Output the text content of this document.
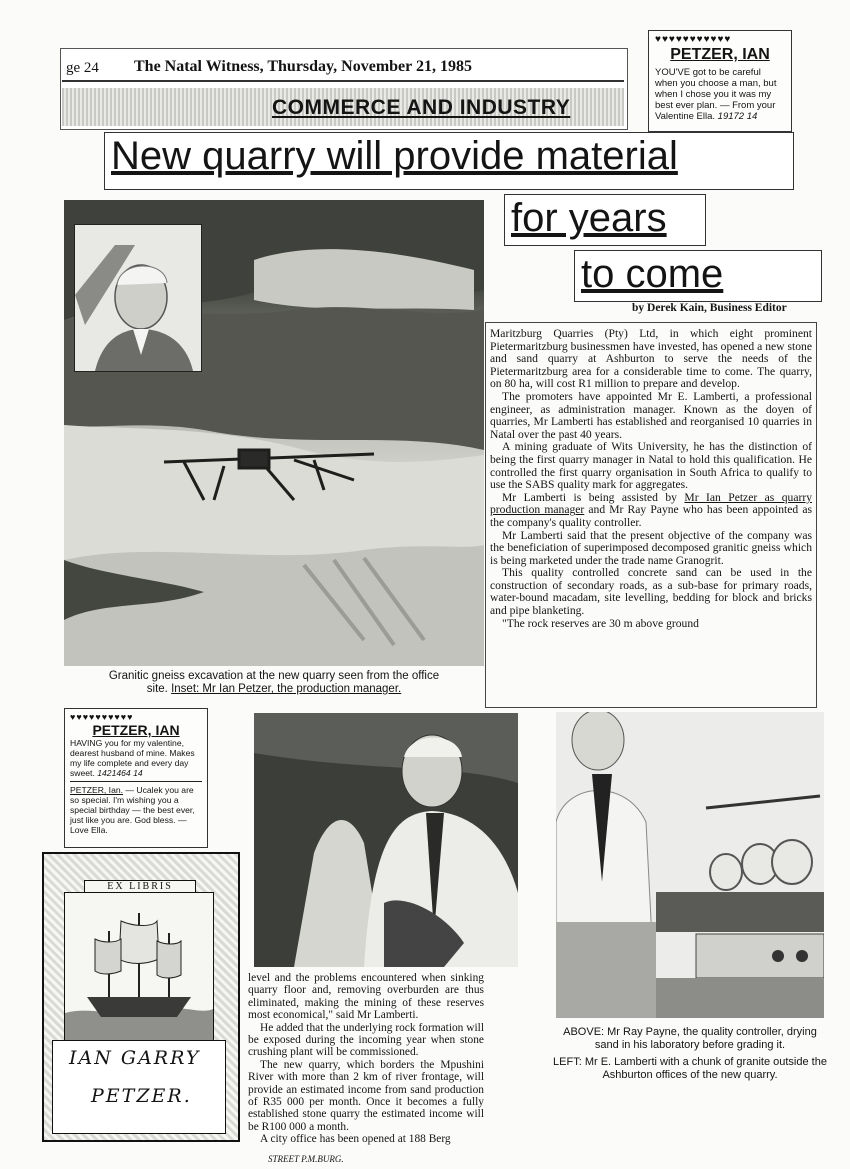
ge 24 The Natal Witness, Thursday, November 21, 1985
COMMERCE AND INDUSTRY
♥♥♥♥♥♥♥♥♥♥♥
PETZER, IAN
YOU'VE got to be careful when you choose a man, but when I chose you it was my best ever plan. — From your Valentine Ella. 19172 14
New quarry will provide material
for years
to come
by Derek Kain, Business Editor
Granitic gneiss excavation at the new quarry seen from the office
site. Inset: Mr Ian Petzer, the production manager.

Maritzburg Quarries (Pty) Ltd, in which eight prominent Pietermaritzburg businessmen have invested, has opened a new stone and sand quarry at Ashburton to serve the needs of the Pietermaritzburg area for a considerable time to come. The quarry, on 80 ha, will cost R1 million to prepare and develop.

The promoters have appointed Mr E. Lamberti, a professional engineer, as administration manager. Known as the doyen of quarries, Mr Lamberti has established and reorganised 10 quarries in Natal over the past 40 years.

A mining graduate of Wits University, he has the distinction of being the first quarry manager in Natal to hold this qualification. He controlled the first quarry organisation in South Africa to qualify to use the SABS quality mark for aggregates.

Mr Lamberti is being assisted by Mr Ian Petzer as quarry production manager and Mr Ray Payne who has been appointed as the company's quality controller.

Mr Lamberti said that the present objective of the company was the beneficiation of superimposed decomposed granitic gneiss which is being marketed under the trade name Granogrit.

This quality controlled concrete sand can be used in the construction of secondary roads, as a sub-base for primary roads, water-bound macadam, site levelling, bedding for block and bricks and pipe blanketing.

"The rock reserves are 30 m above ground

♥♥♥♥♥♥♥♥♥♥
PETZER, IAN
HAVING you for my valentine, dearest husband of mine. Makes my life complete and every day sweet. 1421464 14
PETZER, Ian. — Ucalek you are so special. I'm wishing you a special birthday — the best ever, just like you are. God bless. — Love Ella.
EX LIBRIS
IAN GARRY
PETZER.

level and the problems encountered when sinking quarry floor and, removing overburden are thus eliminated, making the mining of these reserves most economical," said Mr Lamberti.

He added that the underlying rock formation will be exposed during the incoming year when stone crushing plant will be commissioned.

The new quarry, which borders the Mpushini River with more than 2 km of river frontage, will provide an estimated income from sand production of R35 000 per month. Once it becomes a fully established stone quarry the estimated income will be R100 000 a month.

A city office has been opened at 188 Berg

STREET P.M.BURG.
ABOVE: Mr Ray Payne, the quality controller, drying sand in his laboratory before grading it.
LEFT: Mr E. Lamberti with a chunk of granite outside the Ashburton offices of the new quarry.
